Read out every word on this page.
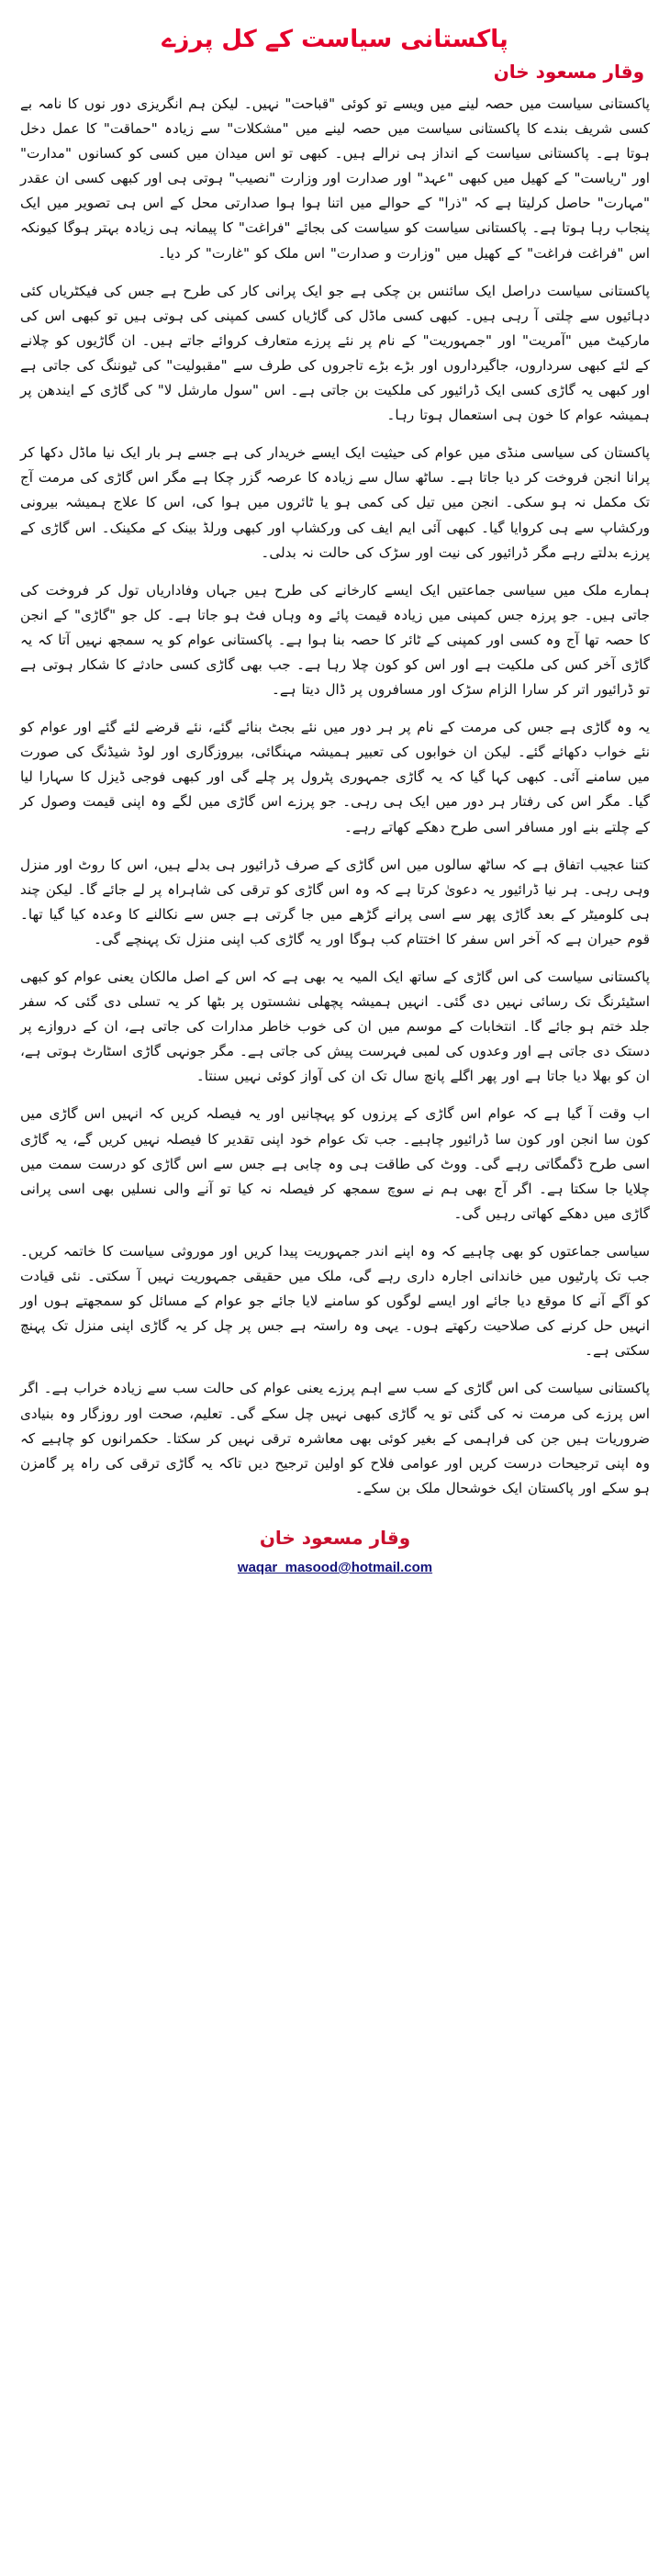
پاکستانی سیاست کے کل پرزے
وقار مسعود خان

پاکستانی سیاست میں حصہ لینے میں ویسے تو کوئی "قباحت" نہیں۔ لیکن ہم انگریزی دور نوں کا نامہ بے کسی شریف بندے کا پاکستانی سیاست میں حصہ لینے میں "مشکلات" سے زیادہ "حماقت" کا عمل دخل ہوتا ہے۔ پاکستانی سیاست کے انداز ہی نرالے ہیں۔ کبھی تو اس میدان میں کسی کو کسانوں "مدارت" اور "ریاست" کے کھیل میں کبھی "عہد" اور صدارت اور وزارت "نصیب" ہوتی ہی اور کبھی کسی ان عقدر "مہارت" حاصل کرلیتا ہے کہ "ذرا" کے حوالے میں اتنا ہوا ہوا صدارتی محل کے اس ہی تصویر میں ایک پنجاب رہا ہوتا ہے۔ پاکستانی سیاست کو سیاست کی بجائے "فراغت" کا پیمانہ ہی زیادہ بہتر ہوگا کیونکہ اس "فراغت فراغت" کے کھیل میں "وزارت و صدارت" اس ملک کو "غارت" کر دیا۔

پاکستانی سیاست دراصل ایک سائنس بن چکی ہے جو ایک پرانی کار کی طرح ہے جس کی فیکٹریاں کئی دہائیوں سے چلتی آ رہی ہیں۔ کبھی کسی ماڈل کی گاڑیاں کسی کمپنی کی ہوتی ہیں تو کبھی اس کی مارکیٹ میں "آمریت" اور "جمہوریت" کے نام پر نئے پرزے متعارف کروائے جاتے ہیں۔ ان گاڑیوں کو چلانے کے لئے کبھی سرداروں، جاگیرداروں اور بڑے بڑے تاجروں کی طرف سے "مقبولیت" کی ٹیوننگ کی جاتی ہے اور کبھی یہ گاڑی کسی ایک ڈرائیور کی ملکیت بن جاتی ہے۔ اس "سول مارشل لا" کی گاڑی کے ایندھن پر ہمیشہ عوام کا خون ہی استعمال ہوتا رہا۔

پاکستان کی سیاسی منڈی میں عوام کی حیثیت ایک ایسے خریدار کی ہے جسے ہر بار ایک نیا ماڈل دکھا کر پرانا انجن فروخت کر دیا جاتا ہے۔ ساٹھ سال سے زیادہ کا عرصہ گزر چکا ہے مگر اس گاڑی کی مرمت آج تک مکمل نہ ہو سکی۔ انجن میں تیل کی کمی ہو یا ٹائروں میں ہوا کی، اس کا علاج ہمیشہ بیرونی ورکشاپ سے ہی کروایا گیا۔ کبھی آئی ایم ایف کی ورکشاپ اور کبھی ورلڈ بینک کے مکینک۔ اس گاڑی کے پرزے بدلتے رہے مگر ڈرائیور کی نیت اور سڑک کی حالت نہ بدلی۔

ہمارے ملک میں سیاسی جماعتیں ایک ایسے کارخانے کی طرح ہیں جہاں وفاداریاں تول کر فروخت کی جاتی ہیں۔ جو پرزہ جس کمپنی میں زیادہ قیمت پائے وہ وہاں فٹ ہو جاتا ہے۔ کل جو "گاڑی" کے انجن کا حصہ تھا آج وہ کسی اور کمپنی کے ٹائر کا حصہ بنا ہوا ہے۔ پاکستانی عوام کو یہ سمجھ نہیں آتا کہ یہ گاڑی آخر کس کی ملکیت ہے اور اس کو کون چلا رہا ہے۔ جب بھی گاڑی کسی حادثے کا شکار ہوتی ہے تو ڈرائیور اتر کر سارا الزام سڑک اور مسافروں پر ڈال دیتا ہے۔

یہ وہ گاڑی ہے جس کی مرمت کے نام پر ہر دور میں نئے بجٹ بنائے گئے، نئے قرضے لئے گئے اور عوام کو نئے خواب دکھائے گئے۔ لیکن ان خوابوں کی تعبیر ہمیشہ مہنگائی، بیروزگاری اور لوڈ شیڈنگ کی صورت میں سامنے آئی۔ کبھی کہا گیا کہ یہ گاڑی جمہوری پٹرول پر چلے گی اور کبھی فوجی ڈیزل کا سہارا لیا گیا۔ مگر اس کی رفتار ہر دور میں ایک ہی رہی۔ جو پرزے اس گاڑی میں لگے وہ اپنی قیمت وصول کر کے چلتے بنے اور مسافر اسی طرح دھکے کھاتے رہے۔

کتنا عجیب اتفاق ہے کہ ساٹھ سالوں میں اس گاڑی کے صرف ڈرائیور ہی بدلے ہیں، اس کا روٹ اور منزل وہی رہی۔ ہر نیا ڈرائیور یہ دعویٰ کرتا ہے کہ وہ اس گاڑی کو ترقی کی شاہراہ پر لے جائے گا۔ لیکن چند ہی کلومیٹر کے بعد گاڑی پھر سے اسی پرانے گڑھے میں جا گرتی ہے جس سے نکالنے کا وعدہ کیا گیا تھا۔ قوم حیران ہے کہ آخر اس سفر کا اختتام کب ہوگا اور یہ گاڑی کب اپنی منزل تک پہنچے گی۔

پاکستانی سیاست کی اس گاڑی کے ساتھ ایک المیہ یہ بھی ہے کہ اس کے اصل مالکان یعنی عوام کو کبھی اسٹیئرنگ تک رسائی نہیں دی گئی۔ انہیں ہمیشہ پچھلی نشستوں پر بٹھا کر یہ تسلی دی گئی کہ سفر جلد ختم ہو جائے گا۔ انتخابات کے موسم میں ان کی خوب خاطر مدارات کی جاتی ہے، ان کے دروازے پر دستک دی جاتی ہے اور وعدوں کی لمبی فہرست پیش کی جاتی ہے۔ مگر جونہی گاڑی اسٹارٹ ہوتی ہے، ان کو بھلا دیا جاتا ہے اور پھر اگلے پانچ سال تک ان کی آواز کوئی نہیں سنتا۔

اب وقت آ گیا ہے کہ عوام اس گاڑی کے پرزوں کو پہچانیں اور یہ فیصلہ کریں کہ انہیں اس گاڑی میں کون سا انجن اور کون سا ڈرائیور چاہیے۔ جب تک عوام خود اپنی تقدیر کا فیصلہ نہیں کریں گے، یہ گاڑی اسی طرح ڈگمگاتی رہے گی۔ ووٹ کی طاقت ہی وہ چابی ہے جس سے اس گاڑی کو درست سمت میں چلایا جا سکتا ہے۔ اگر آج بھی ہم نے سوچ سمجھ کر فیصلہ نہ کیا تو آنے والی نسلیں بھی اسی پرانی گاڑی میں دھکے کھاتی رہیں گی۔

سیاسی جماعتوں کو بھی چاہیے کہ وہ اپنے اندر جمہوریت پیدا کریں اور موروثی سیاست کا خاتمہ کریں۔ جب تک پارٹیوں میں خاندانی اجارہ داری رہے گی، ملک میں حقیقی جمہوریت نہیں آ سکتی۔ نئی قیادت کو آگے آنے کا موقع دیا جائے اور ایسے لوگوں کو سامنے لایا جائے جو عوام کے مسائل کو سمجھتے ہوں اور انہیں حل کرنے کی صلاحیت رکھتے ہوں۔ یہی وہ راستہ ہے جس پر چل کر یہ گاڑی اپنی منزل تک پہنچ سکتی ہے۔

پاکستانی سیاست کی اس گاڑی کے سب سے اہم پرزے یعنی عوام کی حالت سب سے زیادہ خراب ہے۔ اگر اس پرزے کی مرمت نہ کی گئی تو یہ گاڑی کبھی نہیں چل سکے گی۔ تعلیم، صحت اور روزگار وہ بنیادی ضروریات ہیں جن کی فراہمی کے بغیر کوئی بھی معاشرہ ترقی نہیں کر سکتا۔ حکمرانوں کو چاہیے کہ وہ اپنی ترجیحات درست کریں اور عوامی فلاح کو اولین ترجیح دیں تاکہ یہ گاڑی ترقی کی راہ پر گامزن ہو سکے اور پاکستان ایک خوشحال ملک بن سکے۔

وقار مسعود خان
waqar_masood@hotmail.com
